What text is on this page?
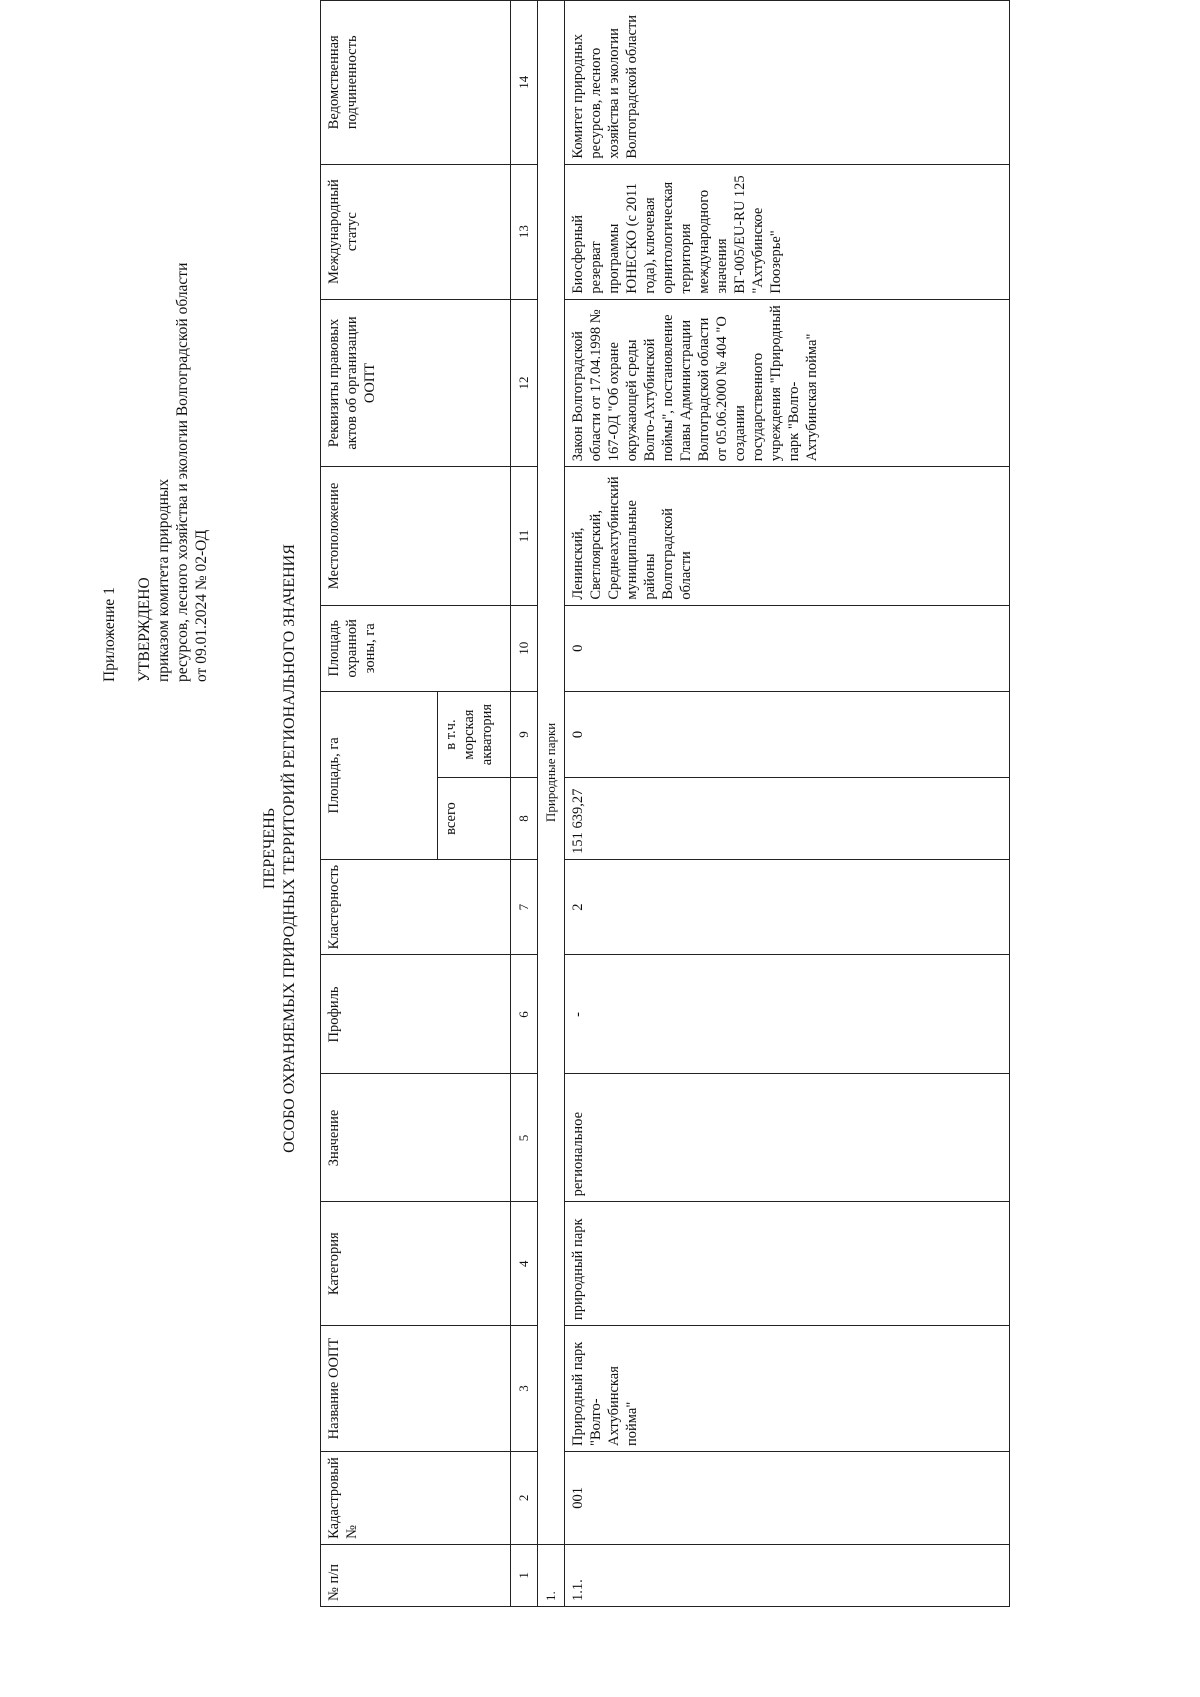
Приложение 1 УТВЕРЖДЕНО приказом комитета природных ресурсов, лесного хозяйства и экологии Волгоградской области от 09.01.2024 № 02-ОД
ПЕРЕЧЕНЬ ОСОБО ОХРАНЯЕМЫХ ПРИРОДНЫХ ТЕРРИТОРИЙ РЕГИОНАЛЬНОГО ЗНАЧЕНИЯ
№ п/п	Кадастровый №	Название ООПТ	Категория	Значение	Профиль	Кластерность	Площадь, га		Площадь охранной зоны, га	Местоположение	Реквизиты правовых актов об организации ООПТ	Международный статус	Ведомственная подчиненность
							всего	в т.ч. морская акватория					
1	2	3	4	5	6	7	8	9	10	11	12	13	14
1.	Природные парки												
1.1.	001	Природный парк "Волго-Ахтубинская пойма"	природный парк	региональное	-	2	151 639,27	0	0	Ленинский, Светлоярский, Среднеахтубинский муниципальные районы Волгоградской области	Закон Волгоградской области от 17.04.1998 № 167-ОД "Об охране окружающей среды Волго-Ахтубинской поймы", постановление Главы Администрации Волгоградской области от 05.06.2000 № 404 "О создании государственного учреждения "Природный парк "Волго-Ахтубинская пойма"	Биосферный резерват программы ЮНЕСКО (с 2011 года), ключевая орнитологическая территория международного значения ВГ-005/EU-RU 125 "Ахтубинское Поозерье"	Комитет природных ресурсов, лесного хозяйства и экологии Волгоградской области
